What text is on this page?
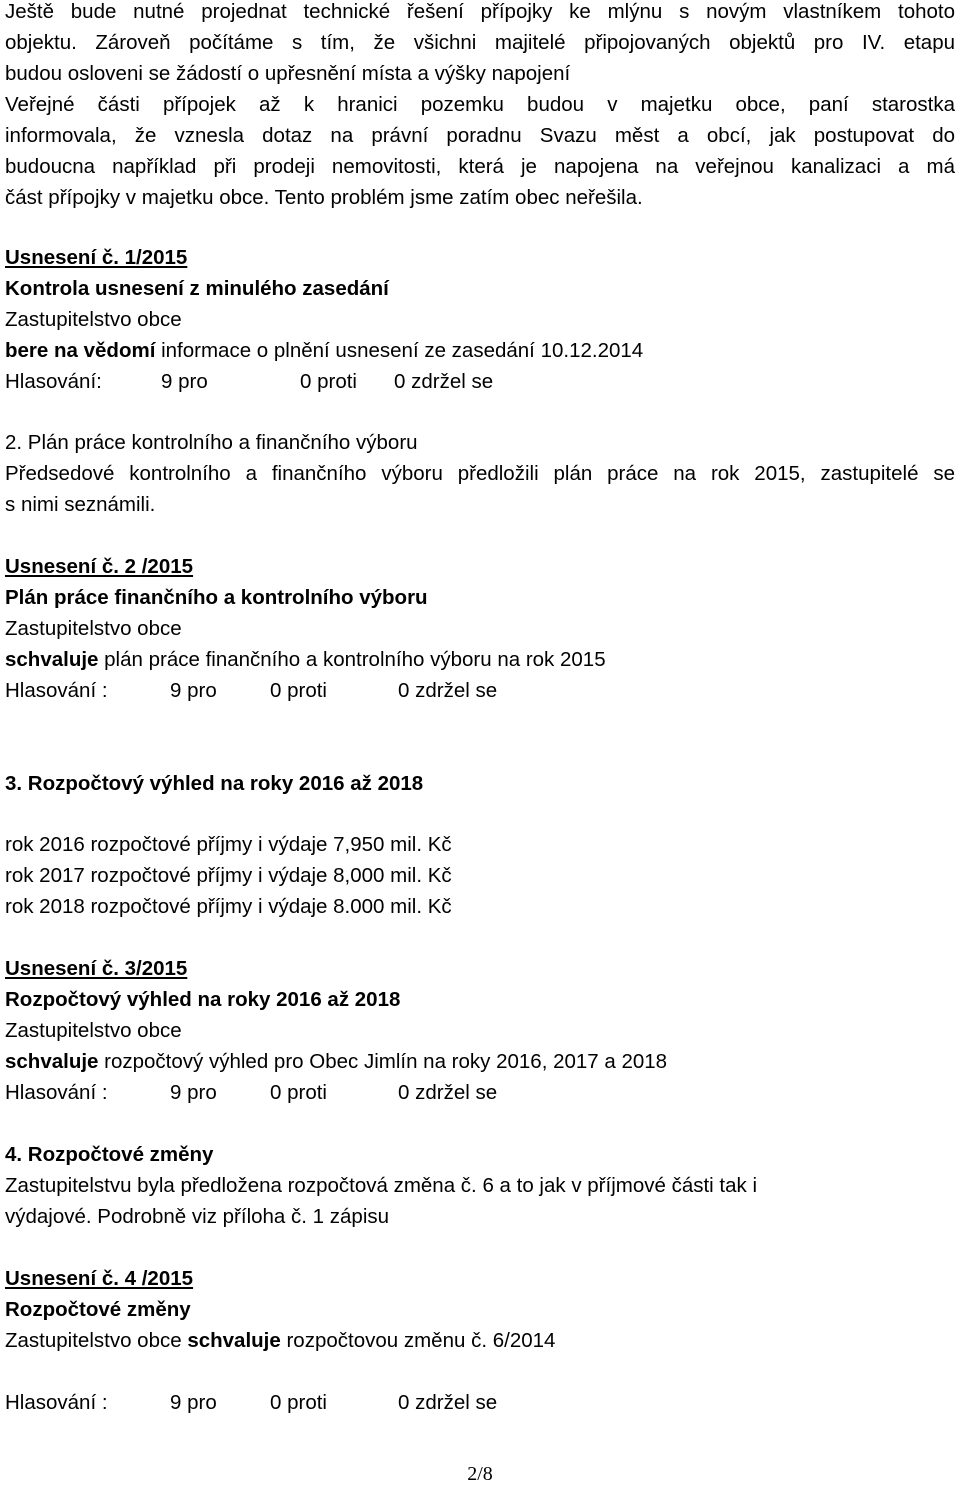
Ještě bude nutné projednat technické řešení přípojky ke mlýnu s novým vlastníkem tohoto
objektu. Zároveň počítáme s tím, že všichni majitelé připojovaných objektů pro IV. etapu
budou osloveni se žádostí o upřesnění místa a výšky napojení
Veřejné části přípojek až k hranici pozemku budou v majetku obce, paní starostka
informovala, že vznesla dotaz na právní poradnu Svazu měst a obcí, jak postupovat do
budoucna například při prodeji nemovitosti, která je napojena na veřejnou kanalizaci a má
část přípojky v majetku obce. Tento problém jsme zatím obec neřešila.
Usnesení č. 1/2015
Kontrola usnesení z minulého zasedání
Zastupitelstvo obce
bere na vědomí informace o plnění usnesení ze zasedání 10.12.2014
Hlasování:	9 pro	0 proti 0 zdržel se
2. Plán práce kontrolního a finančního výboru
Předsedové kontrolního a finančního výboru předložili plán práce na rok 2015, zastupitelé se
s nimi seznámili.
Usnesení č. 2 /2015
Plán práce finančního a kontrolního výboru
Zastupitelstvo obce
schvaluje plán práce finančního a kontrolního výboru na rok 2015
Hlasování :	9 pro	0 proti	0 zdržel se
3. Rozpočtový výhled na roky 2016 až 2018
rok 2016 rozpočtové příjmy i výdaje 7,950 mil. Kč
rok 2017 rozpočtové příjmy i výdaje 8,000 mil. Kč
rok 2018 rozpočtové příjmy i výdaje 8.000 mil. Kč
Usnesení č. 3/2015
Rozpočtový výhled na roky 2016 až 2018
Zastupitelstvo obce
schvaluje rozpočtový výhled pro Obec Jimlín na roky 2016, 2017 a 2018
Hlasování :	9 pro	0 proti	0 zdržel se
4. Rozpočtové změny
Zastupitelstvu byla předložena rozpočtová změna č. 6 a to jak v příjmové části tak i
výdajové. Podrobně viz příloha č. 1 zápisu
Usnesení č. 4 /2015
Rozpočtové změny
Zastupitelstvo obce schvaluje rozpočtovou změnu č. 6/2014
Hlasování :	9 pro	0 proti	0 zdržel se
2/8
